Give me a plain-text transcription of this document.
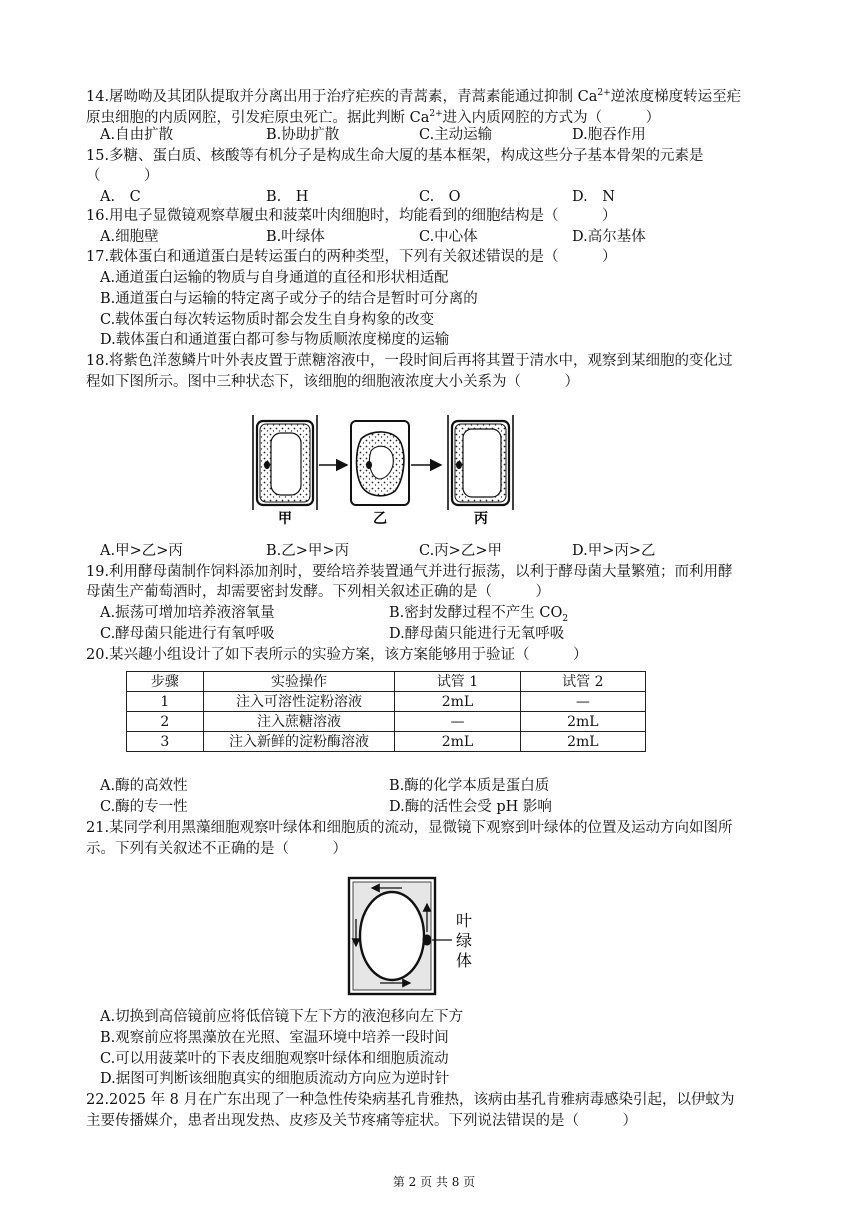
14.屠呦呦及其团队提取并分离出用于治疗疟疾的青蒿素，青蒿素能通过抑制 $Ca^{2+}$逆浓度梯度转运至疟
原虫细胞的内质网腔，引发疟原虫死亡。据此判断 $Ca^{2+}$进入内质网腔的方式为（　　　）
A.自由扩散	B.协助扩散	C.主动运输	D.胞吞作用
15.多糖、蛋白质、核酸等有机分子是构成生命大厦的基本框架，构成这些分子基本骨架的元素是
（　　　）
A.　C	B.　H	C.　O	D.　N
16.用电子显微镜观察草履虫和菠菜叶肉细胞时，均能看到的细胞结构是（　　　）
A.细胞壁	B.叶绿体	C.中心体	D.高尔基体
17.载体蛋白和通道蛋白是转运蛋白的两种类型，下列有关叙述错误的是（　　　）
A.通道蛋白运输的物质与自身通道的直径和形状相适配
B.通道蛋白与运输的特定离子或分子的结合是暂时可分离的
C.载体蛋白每次转运物质时都会发生自身构象的改变
D.载体蛋白和通道蛋白都可参与物质顺浓度梯度的运输
18.将紫色洋葱鳞片叶外表皮置于蔗糖溶液中，一段时间后再将其置于清水中，观察到某细胞的变化过
程如下图所示。图中三种状态下，该细胞的细胞液浓度大小关系为（　　　）
甲	乙	丙
A.甲>乙>丙	B.乙>甲>丙	C.丙>乙>甲	D.甲>丙>乙
19.利用酵母菌制作饲料添加剂时，要给培养装置通气并进行振荡，以利于酵母菌大量繁殖；而利用酵
母菌生产葡萄酒时，却需要密封发酵。下列相关叙述正确的是（　　　）
A.振荡可增加培养液溶氧量	B.密封发酵过程不产生 $CO_2$
C.酵母菌只能进行有氧呼吸	D.酵母菌只能进行无氧呼吸
20.某兴趣小组设计了如下表所示的实验方案，该方案能够用于验证（　　　）
步骤	实验操作	试管 1	试管 2
1	注入可溶性淀粉溶液	2mL	—
2	注入蔗糖溶液	—	2mL
3	注入新鲜的淀粉酶溶液	2mL	2mL
A.酶的高效性	B.酶的化学本质是蛋白质
C.酶的专一性	D.酶的活性会受 pH 影响
21.某同学利用黑藻细胞观察叶绿体和细胞质的流动，显微镜下观察到叶绿体的位置及运动方向如图所
示。下列有关叙述不正确的是（　　　）
叶
绿
体
A.切换到高倍镜前应将低倍镜下左下方的液泡移向左下方
B.观察前应将黑藻放在光照、室温环境中培养一段时间
C.可以用菠菜叶的下表皮细胞观察叶绿体和细胞质流动
D.据图可判断该细胞真实的细胞质流动方向应为逆时针
22.2025 年 8 月在广东出现了一种急性传染病基孔肯雅热，该病由基孔肯雅病毒感染引起，以伊蚊为
主要传播媒介，患者出现发热、皮疹及关节疼痛等症状。下列说法错误的是（　　　）
第 2 页 共 8 页
